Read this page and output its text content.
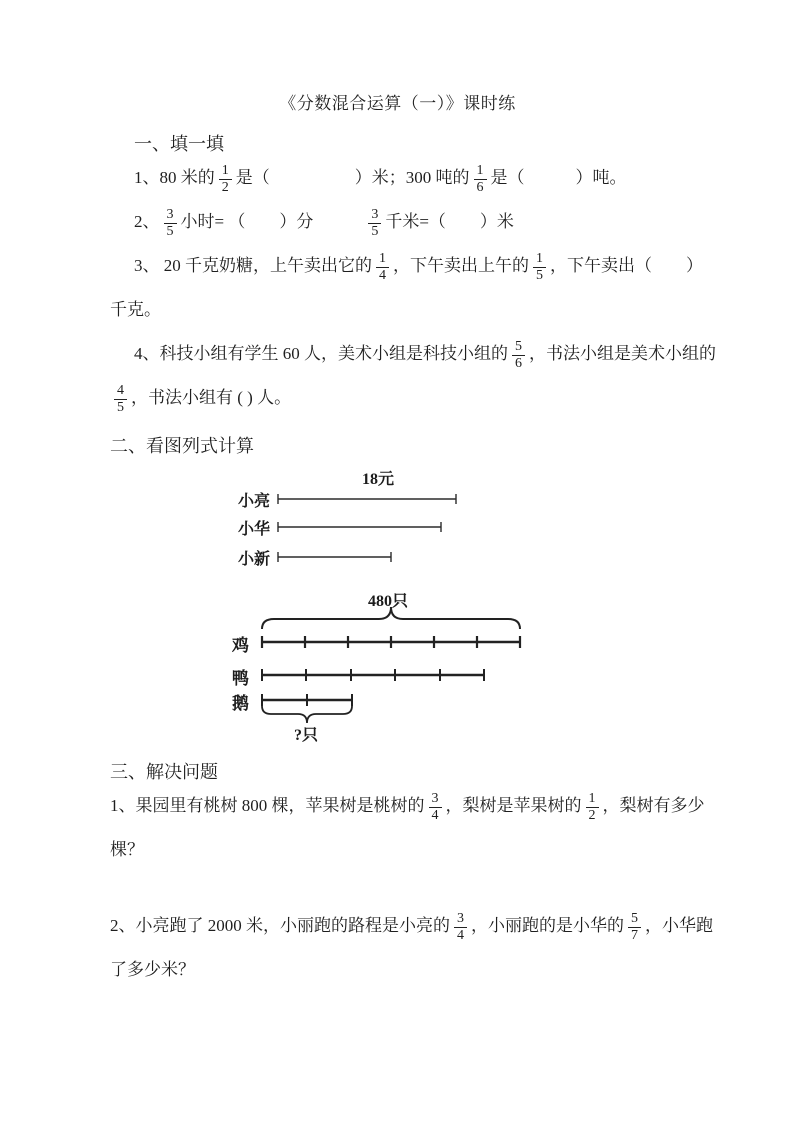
《分数混合运算（一）》课时练
一、填一填

1、80 米的 $\frac{1}{2}$ 是（　　　　　）米；300 吨的 $\frac{1}{6}$ 是（　　　）吨。

2、 $\frac{3}{5}$ 小时= （　　）分　　　 $\frac{3}{5}$ 千米=（　　）米

3、 20 千克奶糖，上午卖出它的 $\frac{1}{4}$ ，下午卖出上午的 $\frac{1}{5}$ ，下午卖出（　　）
千克。

4、科技小组有学生 60 人，美术小组是科技小组的 $\frac{5}{6}$ ，书法小组是美术小组的

$\frac{4}{5}$ ，书法小组有 ( ) 人。

二、看图列式计算
18元
小亮
小华
小新
480只
鸡
鸭
鹅
?只
三、解决问题

1、果园里有桃树 800 棵，苹果树是桃树的 $\frac{3}{4}$ ，梨树是苹果树的 $\frac{1}{2}$ ，梨树有多少
棵？

2、小亮跑了 2000 米，小丽跑的路程是小亮的 $\frac{3}{4}$ ，小丽跑的是小华的 $\frac{5}{7}$ ，小华跑
了多少米？
